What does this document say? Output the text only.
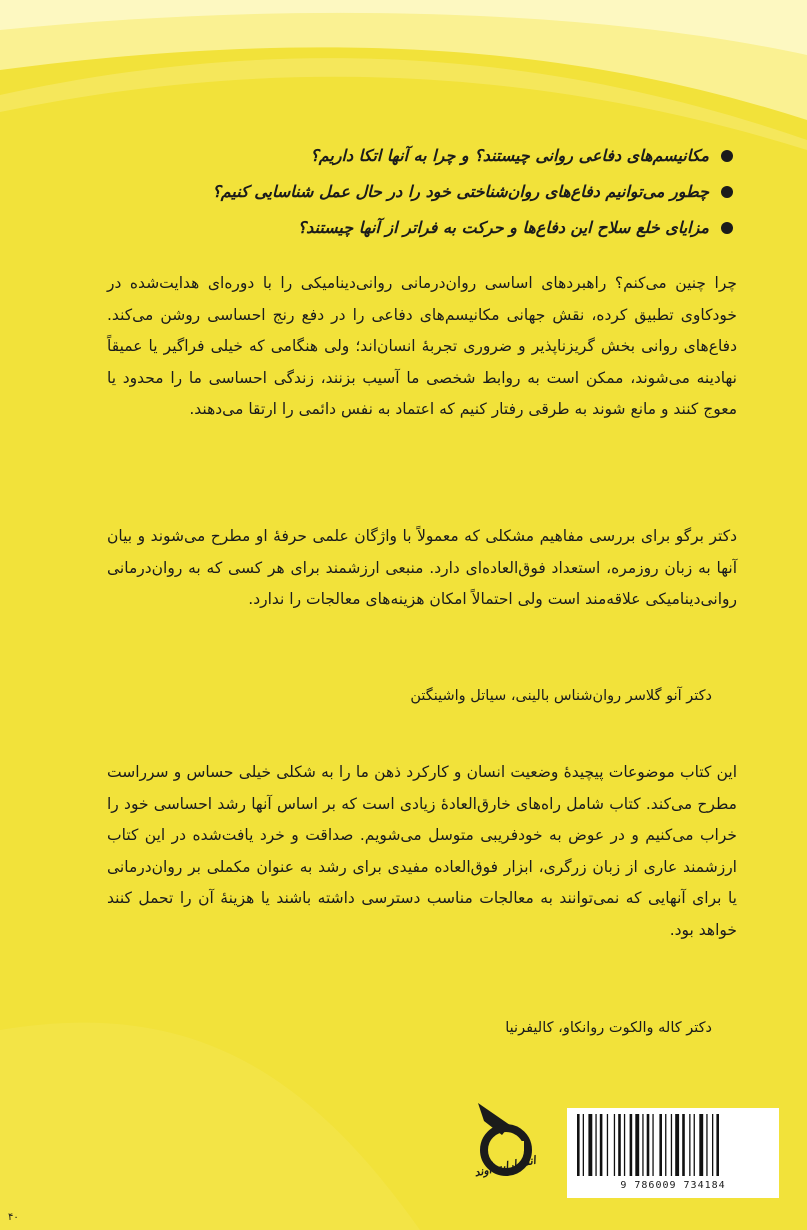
مکانیسم‌های دفاعی روانی چیستند؟ و چرا به آنها اتکا داریم؟
چطور می‌توانیم دفاع‌های روان‌شناختی خود را در حال عمل شناسایی کنیم؟
مزایای خلع سلاح این دفاع‌ها و حرکت به فراتر از آنها چیستند؟

چرا چنین می‌کنم؟ راهبردهای اساسی روان‌درمانی روانی‌دینامیکی را با دوره‌ای هدایت‌شده در خودکاوی تطبیق کرده، نقش جهانی مکانیسم‌های دفاعی را در دفع رنج احساسی روشن می‌کند. دفاع‌های روانی بخش گریزناپذیر و ضروری تجربهٔ انسان‌اند؛ ولی هنگامی که خیلی فراگیر یا عمیقاً نهادینه می‌شوند، ممکن است به روابط شخصی ما آسیب بزنند، زندگی احساسی ما را محدود یا معوج کنند و مانع شوند به طرقی رفتار کنیم که اعتماد به نفس دائمی را ارتقا می‌دهند.

دکتر برگو برای بررسی مفاهیم مشکلی که معمولاً با واژگان علمی حرفهٔ او مطرح می‌شوند و بیان آنها به زبان روزمره، استعداد فوق‌العاده‌ای دارد. منبعی ارزشمند برای هر کسی که به روان‌درمانی روانی‌دینامیکی علاقه‌مند است ولی احتمالاً امکان هزینه‌های معالجات را ندارد.

دکتر آنو گلاسر روان‌شناس بالینی، سیاتل واشینگتن

این کتاب موضوعات پیچیدهٔ وضعیت انسان و کارکرد ذهن ما را به شکلی خیلی حساس و سرراست مطرح می‌کند. کتاب شامل راه‌های خارق‌العادهٔ زیادی است که بر اساس آنها رشد احساسی خود را خراب می‌کنیم و در عوض به خودفریبی متوسل می‌شویم. صداقت و خرد یافت‌شده در این کتاب ارزشمند عاری از زبان زرگری، ابزار فوق‌العاده مفیدی برای رشد به عنوان مکملی بر روان‌درمانی یا برای آنهایی که نمی‌توانند به معالجات مناسب دسترسی داشته باشند یا هزینهٔ آن را تحمل کنند خواهد بود.

دکتر کاله والکوت روانکاو، کالیفرنیا

انتشارات آوند
9 786009 734184
۴۰
